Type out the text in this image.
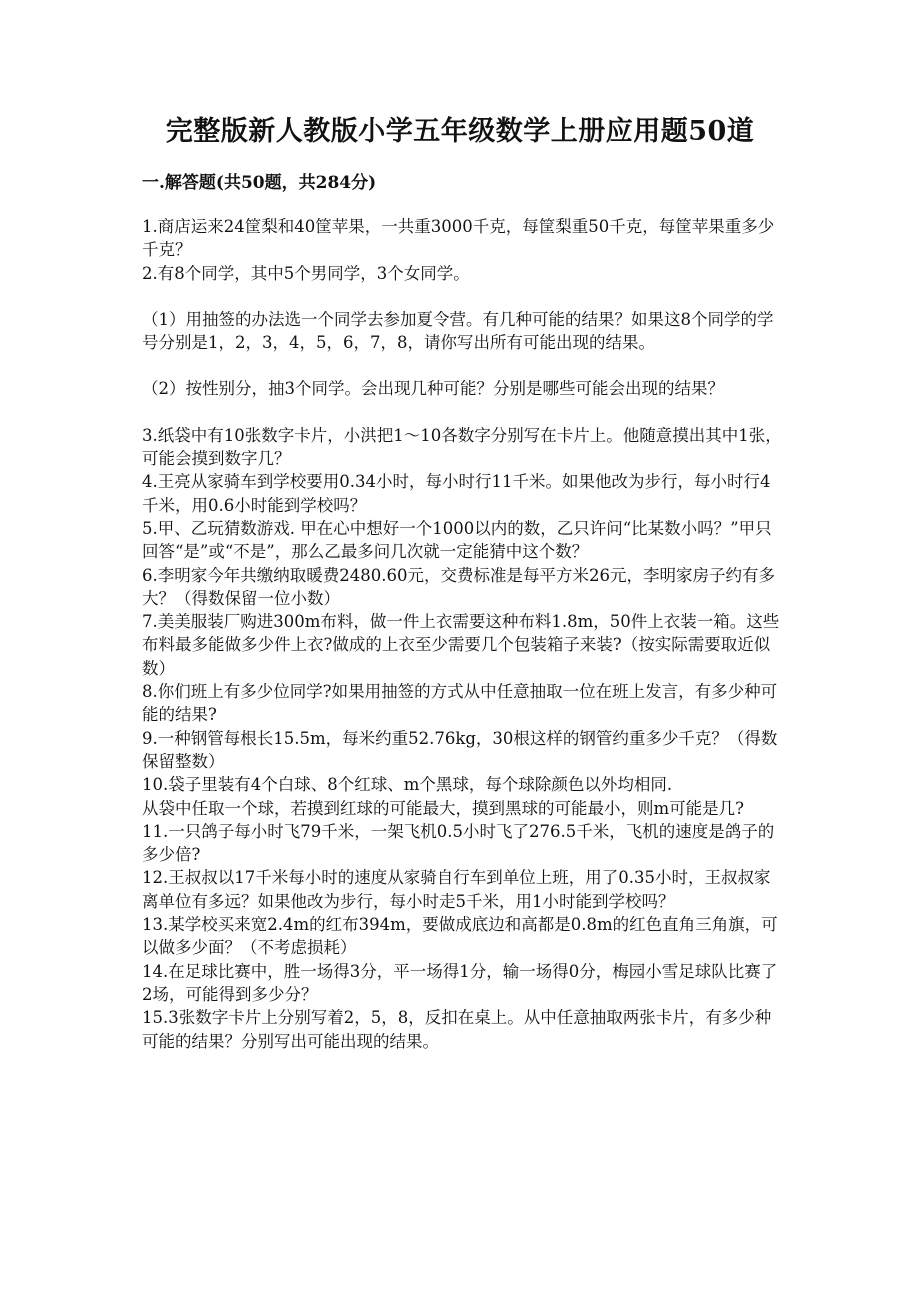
完整版新人教版小学五年级数学上册应用题50道
一.解答题(共50题，共284分)

1.商店运来24筐梨和40筐苹果，一共重3000千克，每筐梨重50千克，每筐苹果重多少千克？

2.有8个同学，其中5个男同学，3个女同学。

（1）用抽签的办法选一个同学去参加夏令营。有几种可能的结果？如果这8个同学的学号分别是1，2，3，4，5，6，7，8，请你写出所有可能出现的结果。

（2）按性别分，抽3个同学。会出现几种可能？分别是哪些可能会出现的结果？

3.纸袋中有10张数字卡片，小洪把1～10各数字分别写在卡片上。他随意摸出其中1张，可能会摸到数字几？

4.王亮从家骑车到学校要用0.34小时，每小时行11千米。如果他改为步行，每小时行4千米，用0.6小时能到学校吗？

5.甲、乙玩猜数游戏. 甲在心中想好一个1000以内的数，乙只许问“比某数小吗？”甲只回答“是”或“不是”，那么乙最多问几次就一定能猜中这个数？

6.李明家今年共缴纳取暖费2480.60元，交费标准是每平方米26元，李明家房子约有多大？（得数保留一位小数）

7.美美服装厂购进300m布料，做一件上衣需要这种布料1.8m，50件上衣装一箱。这些布料最多能做多少件上衣?做成的上衣至少需要几个包装箱子来装?（按实际需要取近似数）

8.你们班上有多少位同学?如果用抽签的方式从中任意抽取一位在班上发言，有多少种可能的结果?

9.一种钢管每根长15.5m，每米约重52.76kg，30根这样的钢管约重多少千克？（得数保留整数）

10.袋子里装有4个白球、8个红球、m个黑球，每个球除颜色以外均相同.

从袋中任取一个球，若摸到红球的可能最大，摸到黑球的可能最小，则m可能是几?

11.一只鸽子每小时飞79千米，一架飞机0.5小时飞了276.5千米，飞机的速度是鸽子的多少倍?

12.王叔叔以17千米每小时的速度从家骑自行车到单位上班，用了0.35小时，王叔叔家离单位有多远？如果他改为步行，每小时走5千米，用1小时能到学校吗？

13.某学校买来宽2.4m的红布394m，要做成底边和高都是0.8m的红色直角三角旗，可以做多少面？（不考虑损耗）

14.在足球比赛中，胜一场得3分，平一场得1分，输一场得0分，梅园小雪足球队比赛了2场，可能得到多少分？

15.3张数字卡片上分别写着2，5，8，反扣在桌上。从中任意抽取两张卡片，有多少种可能的结果？分别写出可能出现的结果。
